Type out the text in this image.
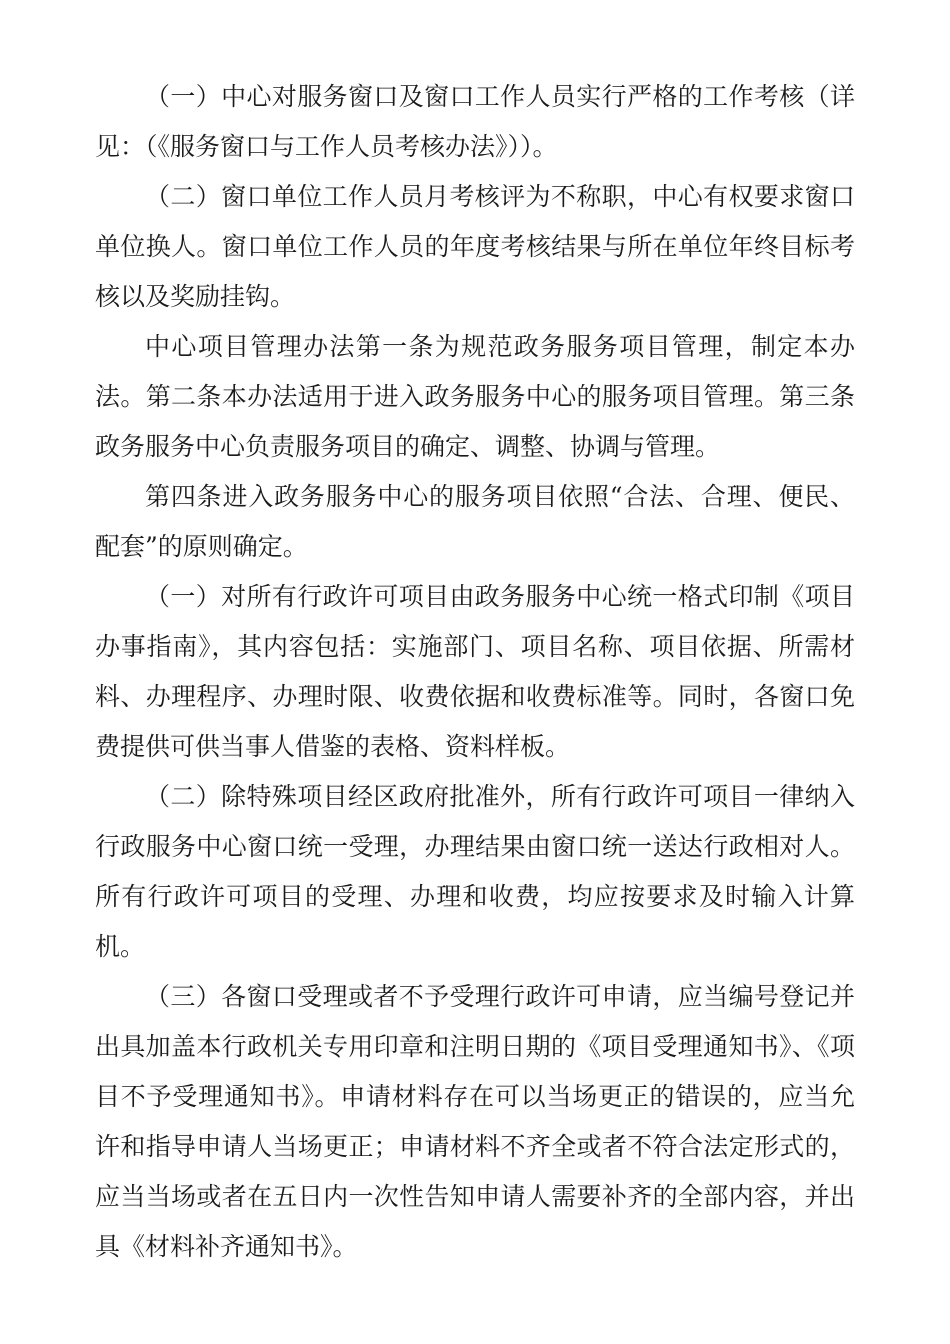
（一）中心对服务窗口及窗口工作人员实行严格的工作考核（详见：（《服务窗口与工作人员考核办法》））。

（二）窗口单位工作人员月考核评为不称职，中心有权要求窗口单位换人。窗口单位工作人员的年度考核结果与所在单位年终目标考核以及奖励挂钩。

中心项目管理办法第一条为规范政务服务项目管理，制定本办法。第二条本办法适用于进入政务服务中心的服务项目管理。第三条政务服务中心负责服务项目的确定、调整、协调与管理。

第四条进入政务服务中心的服务项目依照“合法、合理、便民、配套”的原则确定。

（一）对所有行政许可项目由政务服务中心统一格式印制《项目办事指南》，其内容包括：实施部门、项目名称、项目依据、所需材料、办理程序、办理时限、收费依据和收费标准等。同时，各窗口免费提供可供当事人借鉴的表格、资料样板。

（二）除特殊项目经区政府批准外，所有行政许可项目一律纳入行政服务中心窗口统一受理，办理结果由窗口统一送达行政相对人。所有行政许可项目的受理、办理和收费，均应按要求及时输入计算机。

（三）各窗口受理或者不予受理行政许可申请，应当编号登记并出具加盖本行政机关专用印章和注明日期的《项目受理通知书》、《项目不予受理通知书》。申请材料存在可以当场更正的错误的，应当允许和指导申请人当场更正；申请材料不齐全或者不符合法定形式的，应当当场或者在五日内一次性告知申请人需要补齐的全部内容，并出具《材料补齐通知书》。
